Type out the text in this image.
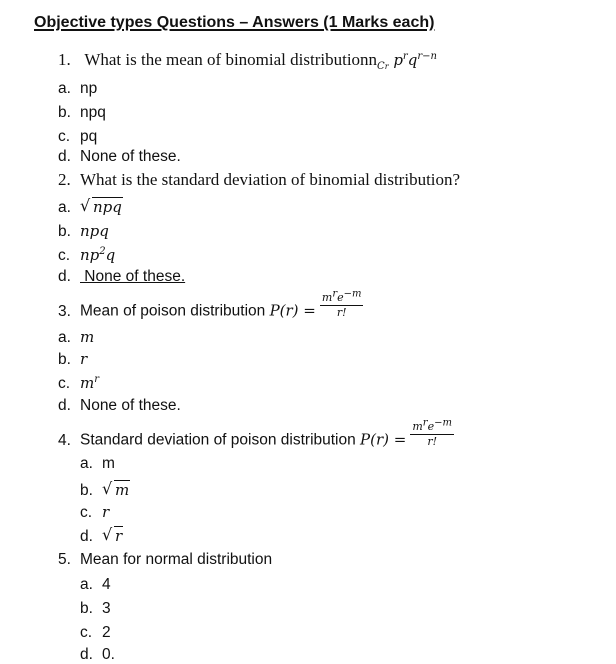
Objective types Questions – Answers (1 Marks each)
1. What is the mean of binomial distributionn$_{Cr}$ $p^rq^{r-n}$
a. np
b. npq
c. pq
d. None of these.
2. What is the standard deviation of binomial distribution?
a. √ npq
b. npq
c. $np^2q$
d. None of these.
3. Mean of poison distribution $P(r) = \frac{m^re^{-m}}{r!}$
a. m
b. r
c. $m^r$
d. None of these.
4. Standard deviation of poison distribution $P(r) = \frac{m^re^{-m}}{r!}$
a. m
b. √ m
c. r
d. √ r
5. Mean for normal distribution
a. 4
b. 3
c. 2
d. 0.
